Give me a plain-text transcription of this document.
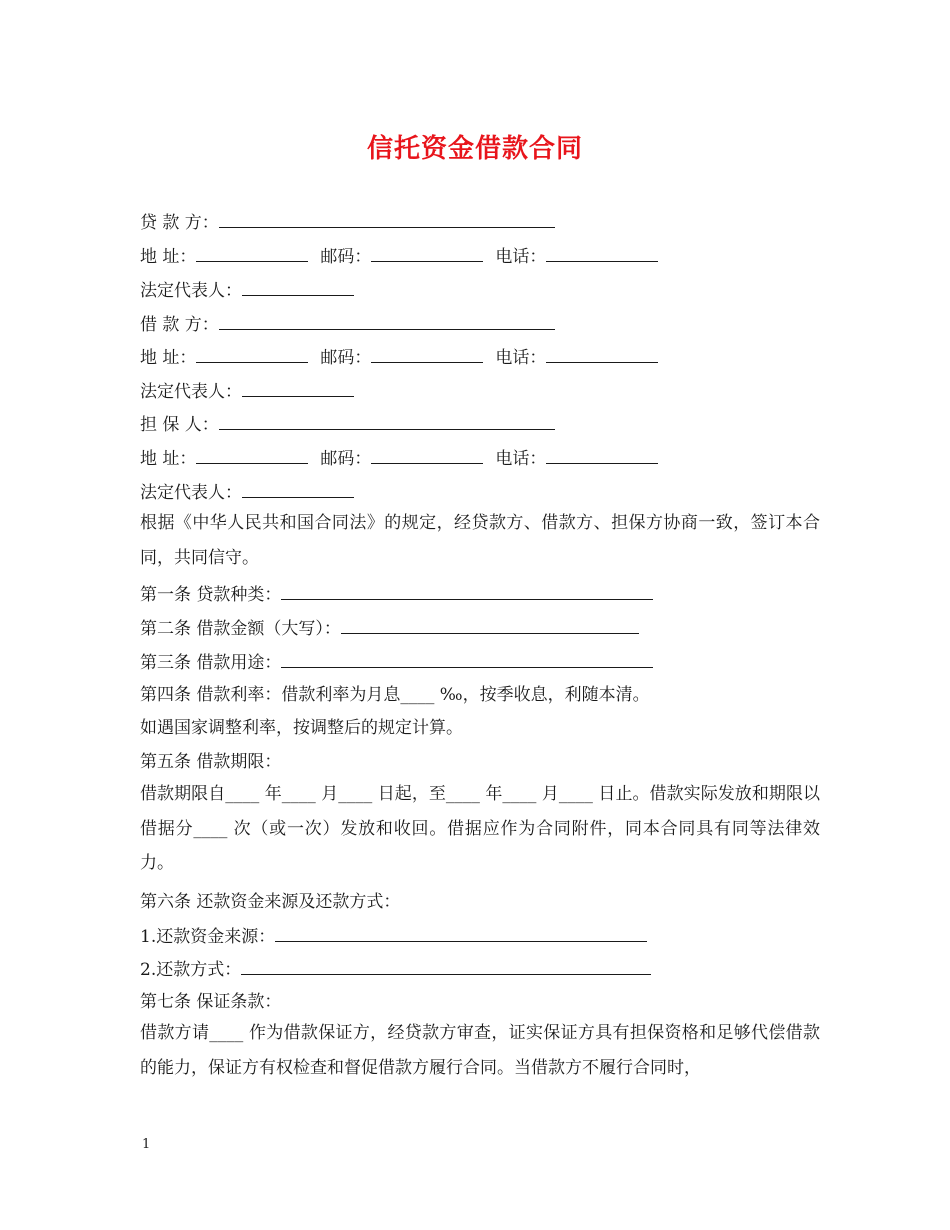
信托资金借款合同
贷 款 方：
地 址：	邮码：	电话：
法定代表人：
借 款 方：
地 址：	邮码：	电话：
法定代表人：
担 保 人：
地 址：	邮码：	电话：
法定代表人：
根据《中华人民共和国合同法》的规定，经贷款方、借款方、担保方协商一致，签订本合同，共同信守。
第一条 贷款种类：
第二条 借款金额（大写）：
第三条 借款用途：
第四条 借款利率：借款利率为月息____ ‰，按季收息，利随本清。
如遇国家调整利率，按调整后的规定计算。
第五条 借款期限：
借款期限自____ 年____ 月____ 日起，至____ 年____ 月____ 日止。借款实际发放和期限以借据分____ 次（或一次）发放和收回。借据应作为合同附件，同本合同具有同等法律效力。
第六条 还款资金来源及还款方式：
1.还款资金来源：
2.还款方式：
第七条 保证条款：
借款方请____ 作为借款保证方，经贷款方审查，证实保证方具有担保资格和足够代偿借款的能力，保证方有权检查和督促借款方履行合同。当借款方不履行合同时，
1
